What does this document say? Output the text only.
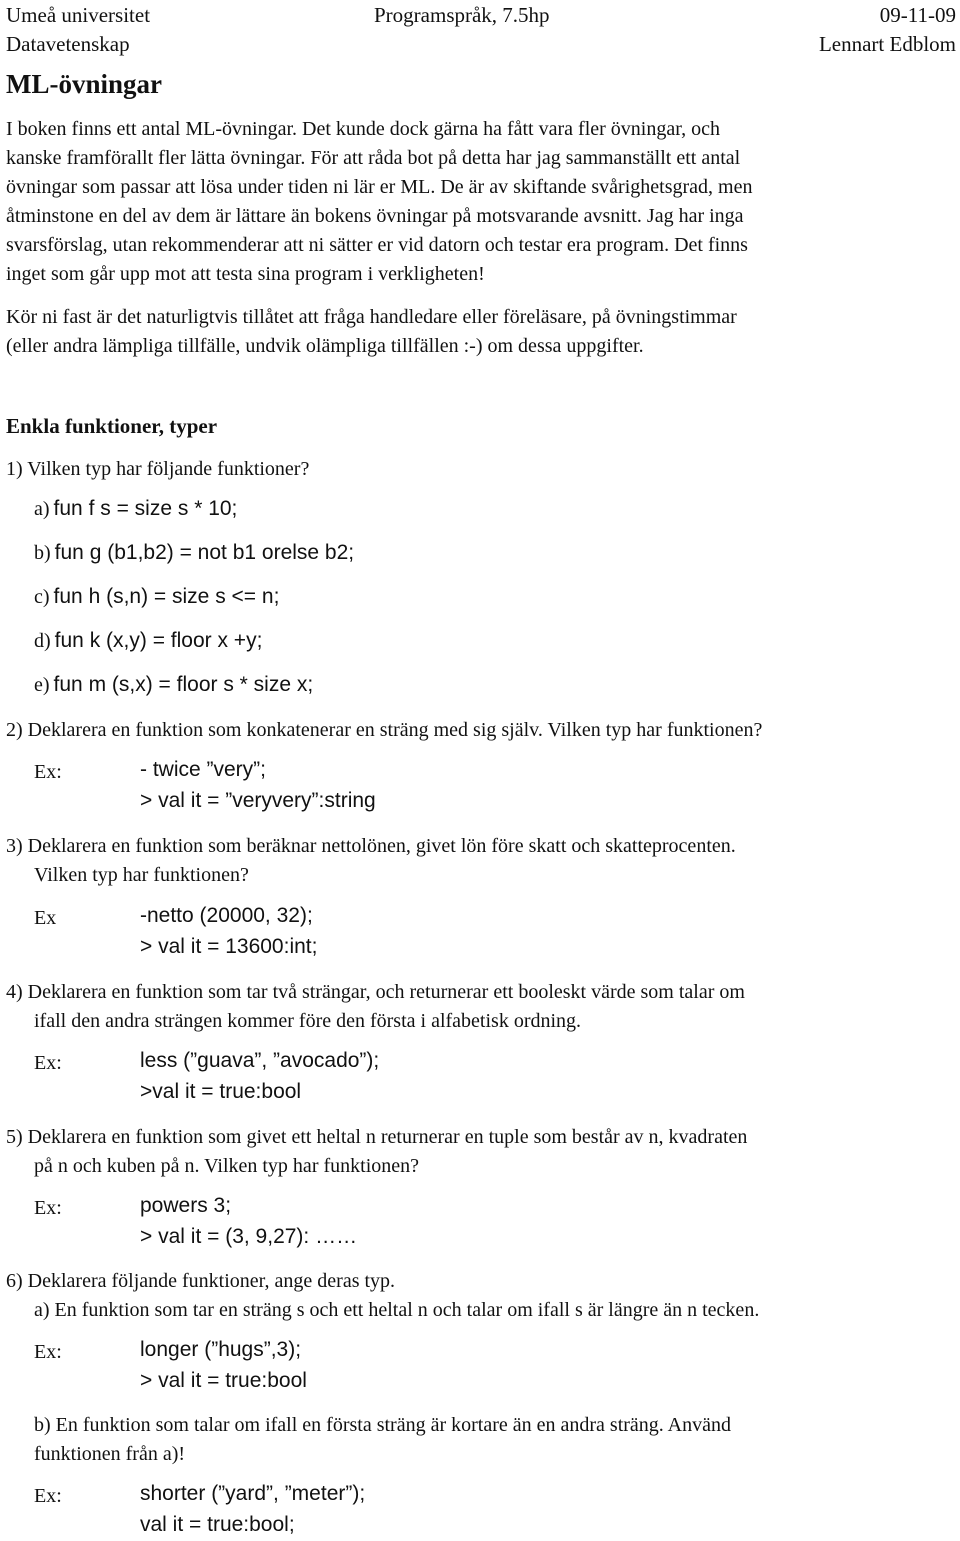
Umeå universitet
Datavetenskap
Programspråk, 7.5hp	09-11-09
Lennart Edblom
ML-övningar
I boken finns ett antal ML-övningar. Det kunde dock gärna ha fått vara fler övningar, och
kanske framförallt fler lätta övningar. För att råda bot på detta har jag sammanställt ett antal
övningar som passar att lösa under tiden ni lär er ML. De är av skiftande svårighetsgrad, men
åtminstone en del av dem är lättare än bokens övningar på motsvarande avsnitt. Jag har inga
svarsförslag, utan rekommenderar att ni sätter er vid datorn och testar era program. Det finns
inget som går upp mot att testa sina program i verkligheten!
Kör ni fast är det naturligtvis tillåtet att fråga handledare eller föreläsare, på övningstimmar
(eller andra lämpliga tillfälle, undvik olämpliga tillfällen :-) om dessa uppgifter.
Enkla funktioner, typer
1) Vilken typ har följande funktioner?
a) fun f s = size s * 10;
b) fun g (b1,b2) = not b1 orelse b2;
c) fun h (s,n) = size s <= n;
d) fun k (x,y) = floor x +y;
e) fun m (s,x) = floor s * size x;
2) Deklarera en funktion som konkatenerar en sträng med sig själv. Vilken typ har funktionen?
Ex:	- twice ”very”;
> val it = ”veryvery”:string
3) Deklarera en funktion som beräknar nettolönen, givet lön före skatt och skatteprocenten.
Vilken typ har funktionen?
Ex	-netto (20000, 32);
> val it = 13600:int;
4) Deklarera en funktion som tar två strängar, och returnerar ett booleskt värde som talar om
ifall den andra strängen kommer före den första i alfabetisk ordning.
Ex:	less (”guava”, ”avocado”);
>val it = true:bool
5) Deklarera en funktion som givet ett heltal n returnerar en tuple som består av n, kvadraten
på n och kuben på n. Vilken typ har funktionen?
Ex:	powers 3;
> val it = (3, 9,27): ……
6) Deklarera följande funktioner, ange deras typ.
a) En funktion som tar en sträng s och ett heltal n och talar om ifall s är längre än n tecken.
Ex:	longer (”hugs”,3);
> val it = true:bool
b) En funktion som talar om ifall en första sträng är kortare än en andra sträng. Använd
funktionen från a)!
Ex:	shorter (”yard”, ”meter”);
val it = true:bool;
